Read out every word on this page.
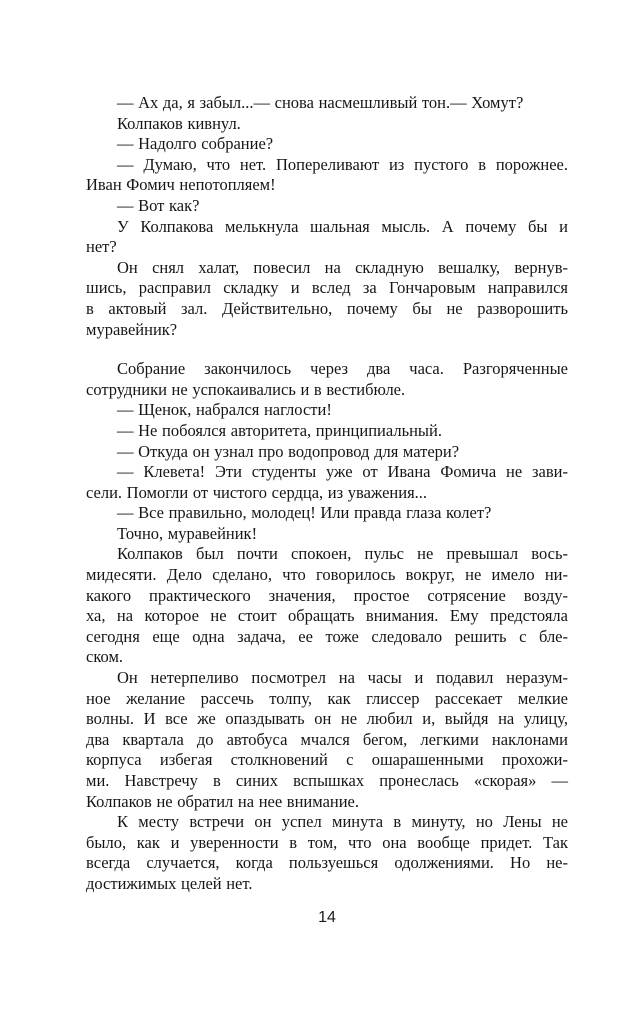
— Ах да, я забыл...— снова насмешливый тон.— Хомут?
Колпаков кивнул.
— Надолго собрание?
— Думаю, что нет. Попереливают из пустого в порожнее.
Иван Фомич непотопляем!
— Вот как?
У Колпакова мелькнула шальная мысль. А почему бы и
нет?
Он снял халат, повесил на складную вешалку, вернув-
шись, расправил складку и вслед за Гончаровым направился
в актовый зал. Действительно, почему бы не разворошить
муравейник?
Собрание закончилось через два часа. Разгоряченные
сотрудники не успокаивались и в вестибюле.
— Щенок, набрался наглости!
— Не побоялся авторитета, принципиальный.
— Откуда он узнал про водопровод для матери?
— Клевета! Эти студенты уже от Ивана Фомича не зави-
сели. Помогли от чистого сердца, из уважения...
— Все правильно, молодец! Или правда глаза колет?
Точно, муравейник!
Колпаков был почти спокоен, пульс не превышал вось-
мидесяти. Дело сделано, что говорилось вокруг, не имело ни-
какого практического значения, простое сотрясение возду-
ха, на которое не стоит обращать внимания. Ему предстояла
сегодня еще одна задача, ее тоже следовало решить с бле-
ском.
Он нетерпеливо посмотрел на часы и подавил неразум-
ное желание рассечь толпу, как глиссер рассекает мелкие
волны. И все же опаздывать он не любил и, выйдя на улицу,
два квартала до автобуса мчался бегом, легкими наклонами
корпуса избегая столкновений с ошарашенными прохожи-
ми. Навстречу в синих вспышках пронеслась «скорая» —
Колпаков не обратил на нее внимание.
К месту встречи он успел минута в минуту, но Лены не
было, как и уверенности в том, что она вообще придет. Так
всегда случается, когда пользуешься одолжениями. Но не-
достижимых целей нет.
14
